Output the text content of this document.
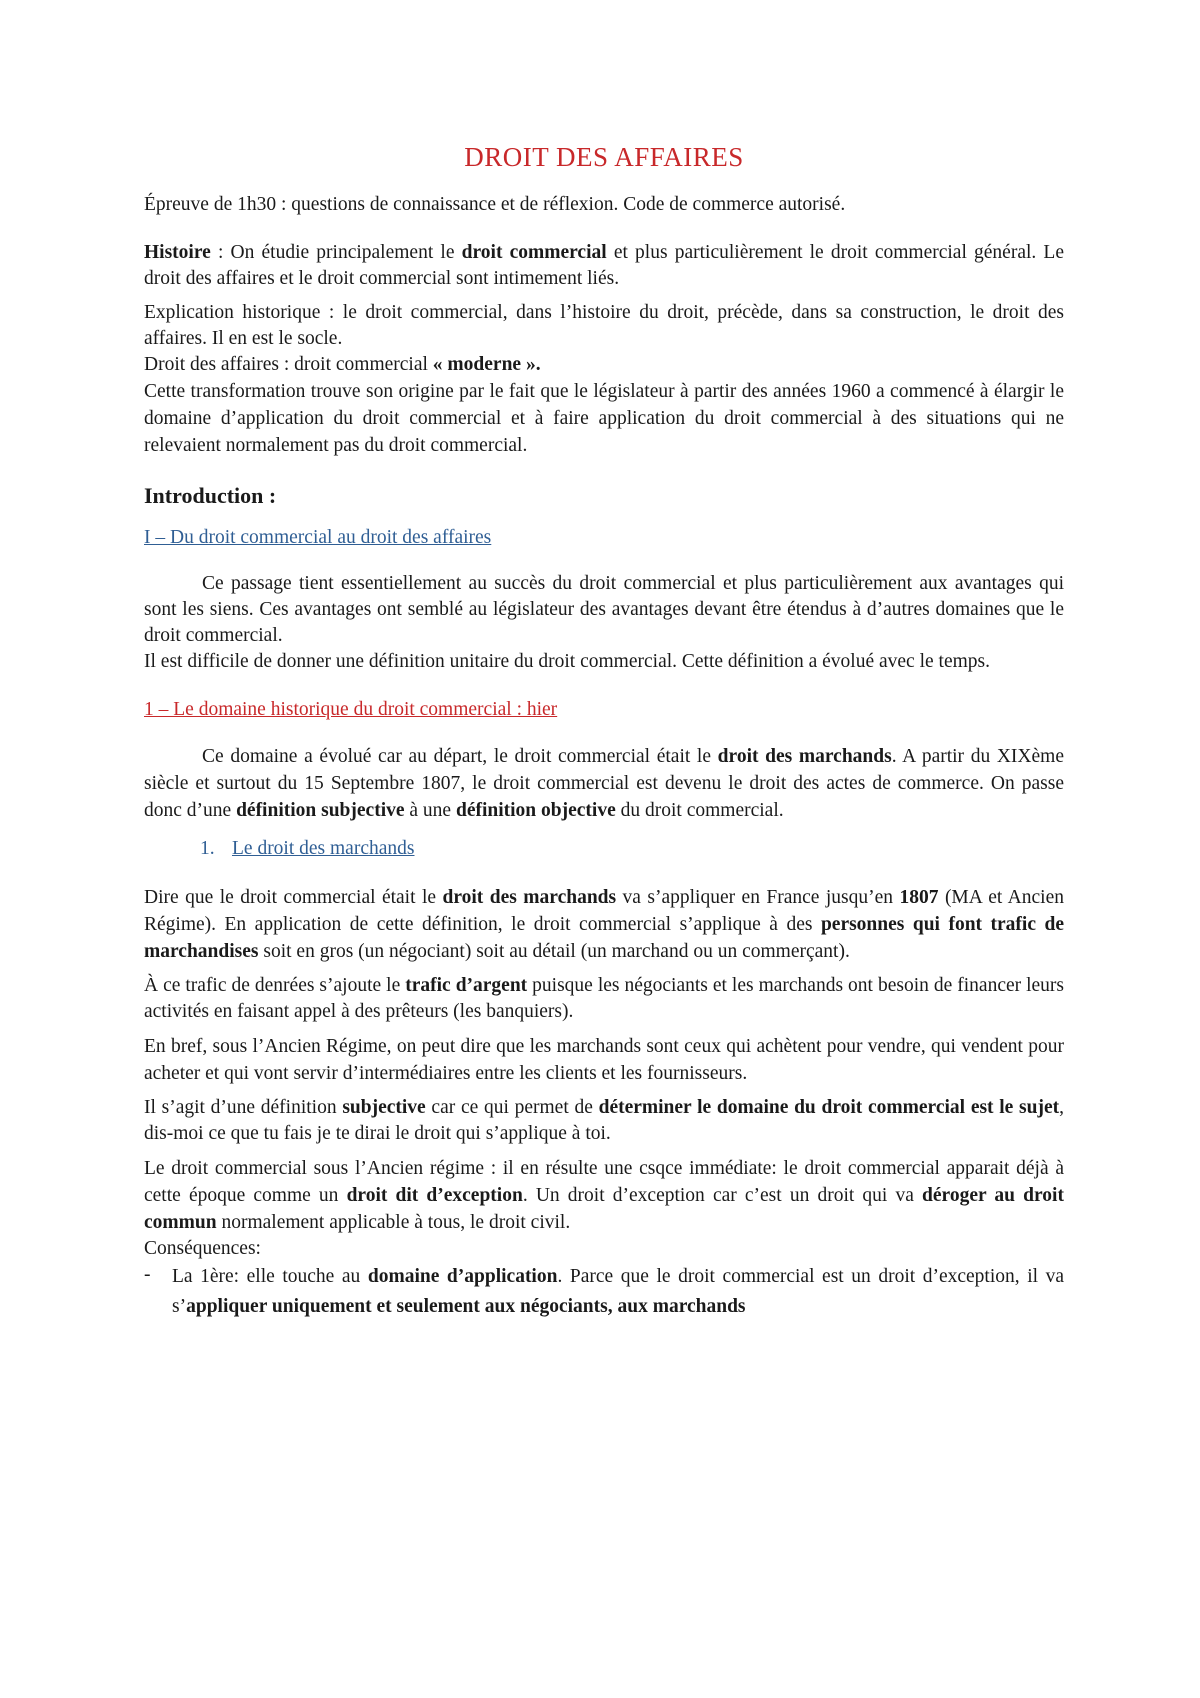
DROIT DES AFFAIRES

Épreuve de 1h30 : questions de connaissance et de réflexion. Code de commerce autorisé.

Histoire : On étudie principalement le droit commercial et plus particulièrement le droit commercial général. Le droit des affaires et le droit commercial sont intimement liés.

Explication historique : le droit commercial, dans l’histoire du droit, précède, dans sa construction, le droit des affaires. Il en est le socle.

Droit des affaires : droit commercial « moderne ».

Cette transformation trouve son origine par le fait que le législateur à partir des années 1960 a commencé à élargir le domaine d’application du droit commercial et à faire application du droit commercial à des situations qui ne relevaient normalement pas du droit commercial.

Introduction :

I – Du droit commercial au droit des affaires

Ce passage tient essentiellement au succès du droit commercial et plus particulièrement aux avantages qui sont les siens. Ces avantages ont semblé au législateur des avantages devant être étendus à d’autres domaines que le droit commercial.

Il est difficile de donner une définition unitaire du droit commercial. Cette définition a évolué avec le temps.

1 – Le domaine historique du droit commercial : hier

Ce domaine a évolué car au départ, le droit commercial était le droit des marchands. A partir du XIXème siècle et surtout du 15 Septembre 1807, le droit commercial est devenu le droit des actes de commerce. On passe donc d’une définition subjective à une définition objective du droit commercial.

1. Le droit des marchands

Dire que le droit commercial était le droit des marchands va s’appliquer en France jusqu’en 1807 (MA et Ancien Régime). En application de cette définition, le droit commercial s’applique à des personnes qui font trafic de marchandises soit en gros (un négociant) soit au détail (un marchand ou un commerçant).

À ce trafic de denrées s’ajoute le trafic d’argent puisque les négociants et les marchands ont besoin de financer leurs activités en faisant appel à des prêteurs (les banquiers).

En bref, sous l’Ancien Régime, on peut dire que les marchands sont ceux qui achètent pour vendre, qui vendent pour acheter et qui vont servir d’intermédiaires entre les clients et les fournisseurs.

Il s’agit d’une définition subjective car ce qui permet de déterminer le domaine du droit commercial est le sujet, dis-moi ce que tu fais je te dirai le droit qui s’applique à toi.

Le droit commercial sous l’Ancien régime : il en résulte une csqce immédiate: le droit commercial apparait déjà à cette époque comme un droit dit d’exception. Un droit d’exception car c’est un droit qui va déroger au droit commun normalement applicable à tous, le droit civil.

Conséquences:

-	La 1ère: elle touche au domaine d’application. Parce que le droit commercial est un droit d’exception, il va s’appliquer uniquement et seulement aux négociants, aux marchands
